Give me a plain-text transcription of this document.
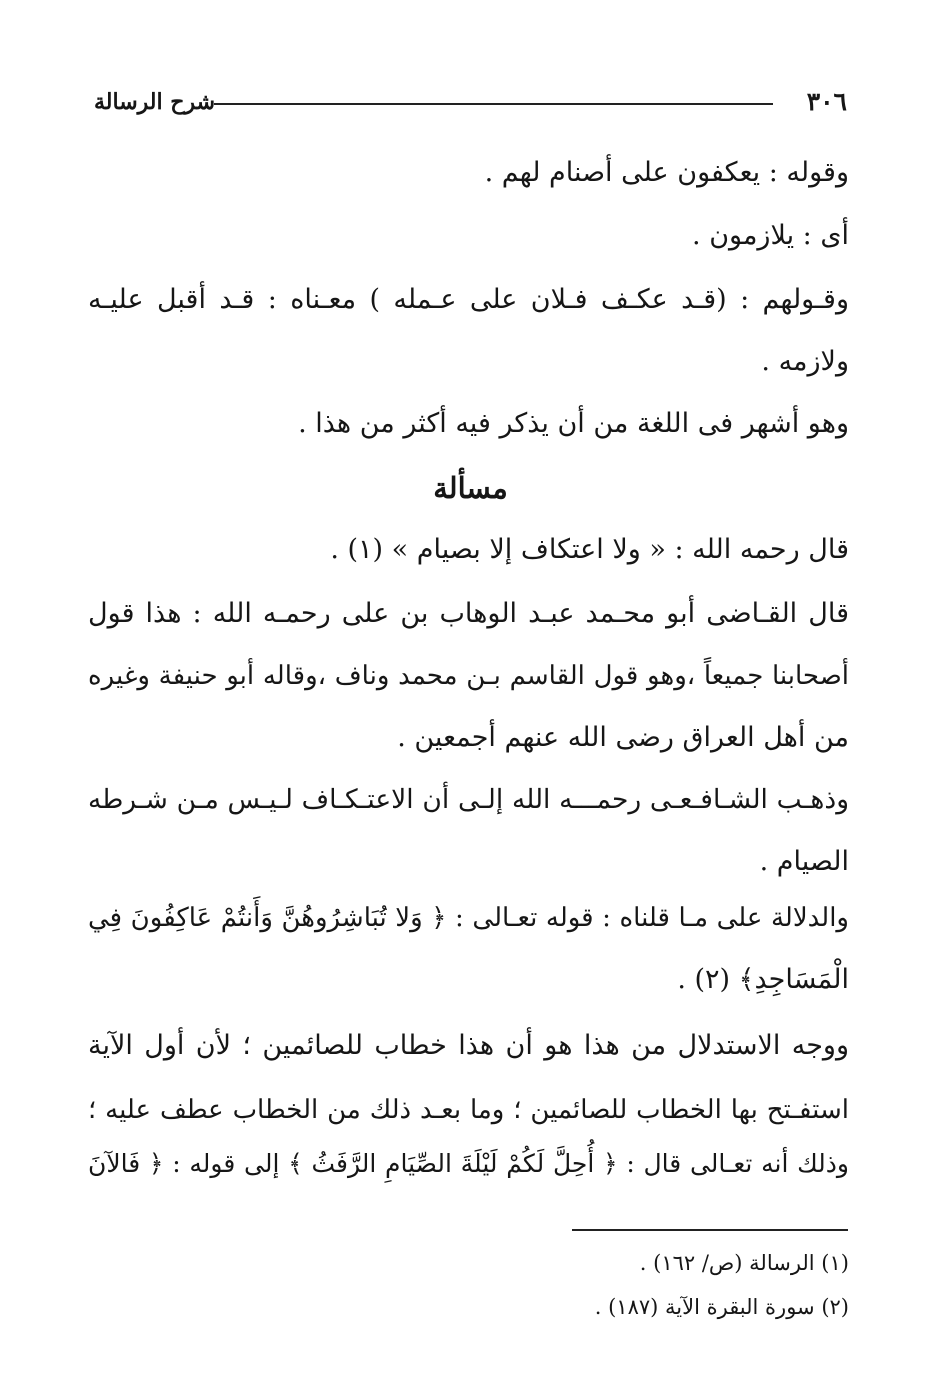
٣٠٦
شرح الرسالة
وقوله : يعكفون على أصنام لهم .
أى : يلازمون .
وقـولهم : (قـد عكـف فـلان على عـمله ) معـناه : قـد أقبل عليـه
ولازمه .
وهو أشهر فى اللغة من أن يذكر فيه أكثر من هذا .
مسألة
قال رحمه الله : « ولا اعتكاف إلا بصيام » (١) .
قال القـاضى أبو محـمد عبـد الوهاب بن على رحمـه الله : هذا قول
أصحابنا جميعاً ،وهو قول القاسم بـن محمد وناف ،وقاله أبو حنيفة وغيره
من أهل العراق رضى الله عنهم أجمعين .
وذهـب الشـافـعـى رحمـــه الله إلـى أن الاعتـكـاف لـيـس مـن شـرطه
الصيام .
والدلالة على مـا قلناه : قوله تعـالى : ﴿ وَلا تُبَاشِرُوهُنَّ وَأَنتُمْ عَاكِفُونَ فِي
الْمَسَاجِدِ﴾ (٢) .
ووجه الاستدلال من هذا هو أن هذا خطاب للصائمين ؛ لأن أول الآية
استفـتح بها الخطاب للصائمين ؛ وما بعـد ذلك من الخطاب عطف عليه ؛
وذلك أنه تعـالى قال : ﴿ أُحِلَّ لَكُمْ لَيْلَةَ الصِّيَامِ الرَّفَثُ ﴾ إلى قوله : ﴿ فَالآنَ
(١) الرسالة (ص/ ١٦٢) .
(٢) سورة البقرة الآية (١٨٧) .
